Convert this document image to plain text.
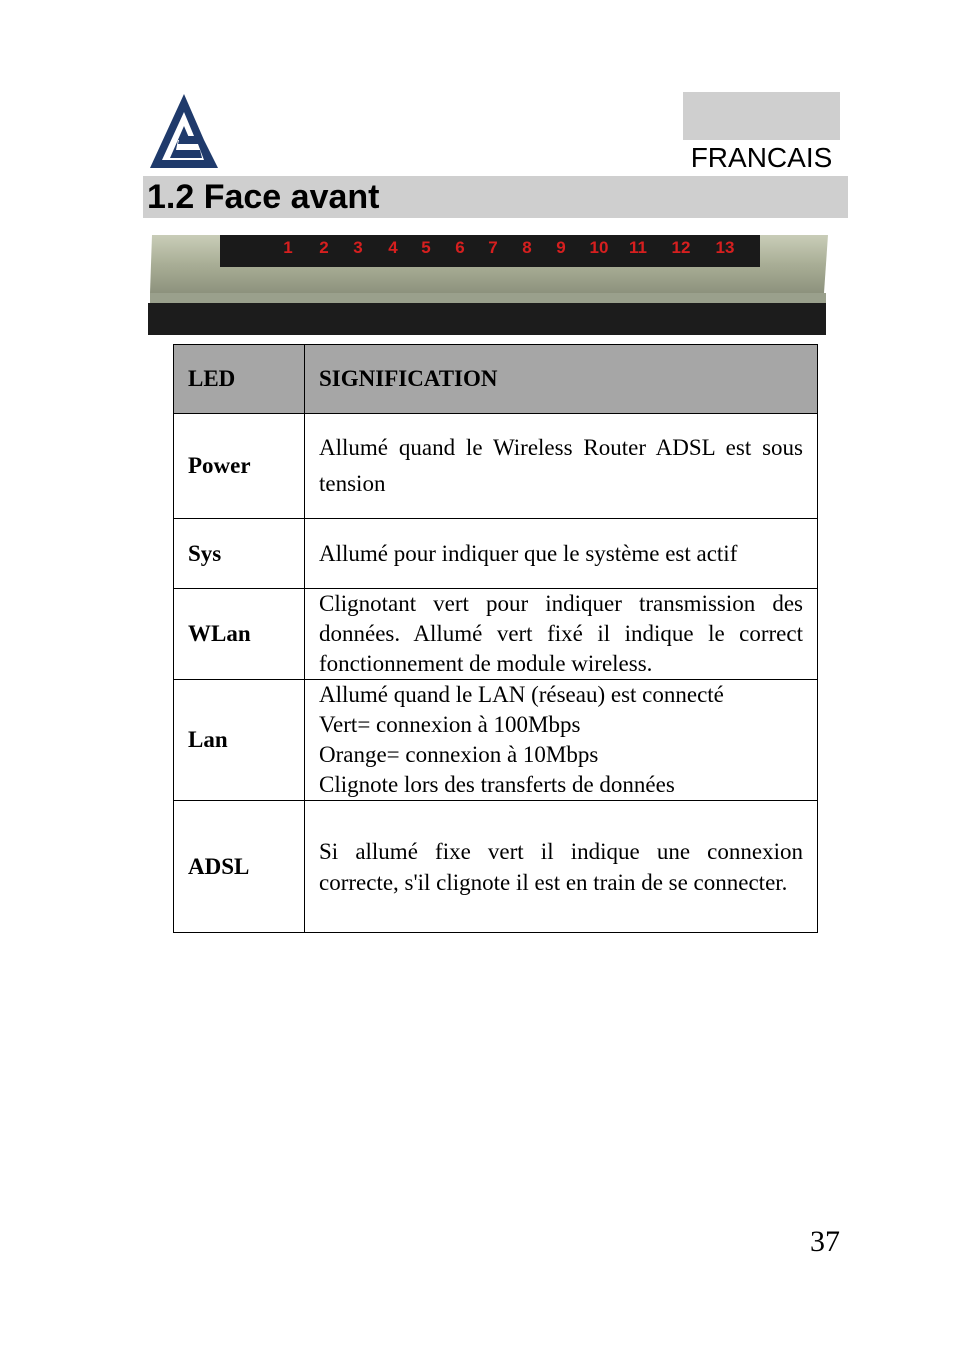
FRANCAIS
1.2 Face avant
1 2 3 4 5 6 7 8 9 10 11 12 13
LED	SIGNIFICATION
Power	Allumé quand le Wireless Router ADSL est sous tension
Sys	Allumé pour indiquer que le système est actif
WLan	Clignotant vert pour indiquer transmission des données. Allumé vert fixé il indique le correct fonctionnement de module wireless.
Lan	Allumé quand le LAN (réseau) est connecté
Vert= connexion à 100Mbps
Orange= connexion à 10Mbps
Clignote lors des transferts de données

ADSL	Si allumé fixe vert il indique une connexion correcte, s'il clignote il est en train de se connecter.
37
